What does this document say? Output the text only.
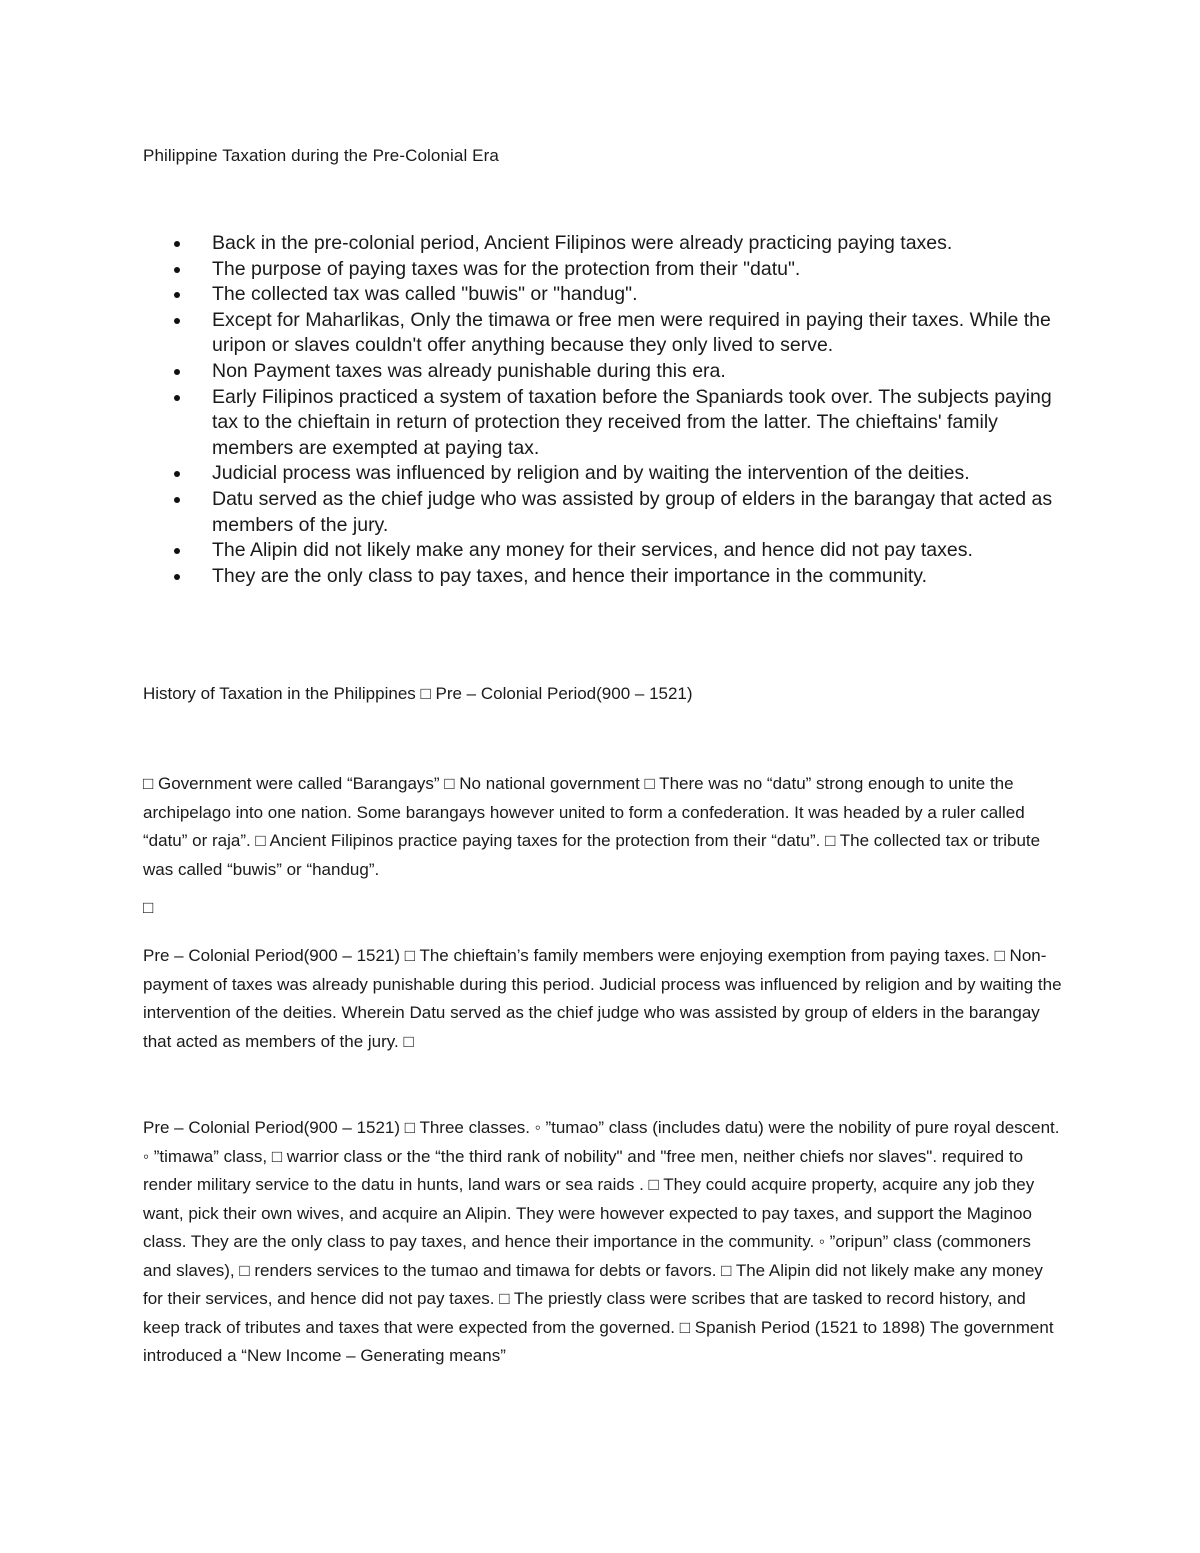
Philippine Taxation during the Pre-Colonial Era
Back in the pre-colonial period, Ancient Filipinos were already practicing paying taxes.
The purpose of paying taxes was for the protection from their "datu".
The collected tax was called "buwis" or "handug".
Except for Maharlikas, Only the timawa or free men were required in paying their taxes. While the uripon or slaves couldn't offer anything because they only lived to serve.
Non Payment taxes was already punishable during this era.
Early Filipinos practiced a system of taxation before the Spaniards took over. The subjects paying tax to the chieftain in return of protection they received from the latter. The chieftains' family members are exempted at paying tax.
Judicial process was influenced by religion and by waiting the intervention of the deities.
Datu served as the chief judge who was assisted by group of elders in the barangay that acted as members of the jury.
The Alipin did not likely make any money for their services, and hence did not pay taxes.
They are the only class to pay taxes, and hence their importance in the community.
History of Taxation in the Philippines □ Pre – Colonial Period(900 – 1521)

□ Government were called “Barangays” □ No national government □ There was no “datu” strong enough to unite the archipelago into one nation. Some barangays however united to form a confederation. It was headed by a ruler called “datu” or raja”. □ Ancient Filipinos practice paying taxes for the protection from their “datu”. □ The collected tax or tribute was called “buwis” or “handug”.

□

Pre – Colonial Period(900 – 1521) □ The chieftain’s family members were enjoying exemption from paying taxes. □ Non-payment of taxes was already punishable during this period. Judicial process was influenced by religion and by waiting the intervention of the deities. Wherein Datu served as the chief judge who was assisted by group of elders in the barangay that acted as members of the jury. □

Pre – Colonial Period(900 – 1521) □ Three classes. ◦ ”tumao” class (includes datu) were the nobility of pure royal descent. ◦ ”timawa” class, □ warrior class or the “the third rank of nobility" and "free men, neither chiefs nor slaves". required to render military service to the datu in hunts, land wars or sea raids . □ They could acquire property, acquire any job they want, pick their own wives, and acquire an Alipin. They were however expected to pay taxes, and support the Maginoo class. They are the only class to pay taxes, and hence their importance in the community. ◦ ”oripun” class (commoners and slaves), □ renders services to the tumao and timawa for debts or favors. □ The Alipin did not likely make any money for their services, and hence did not pay taxes. □ The priestly class were scribes that are tasked to record history, and keep track of tributes and taxes that were expected from the governed. □ Spanish Period (1521 to 1898) The government introduced a “New Income – Generating means”
